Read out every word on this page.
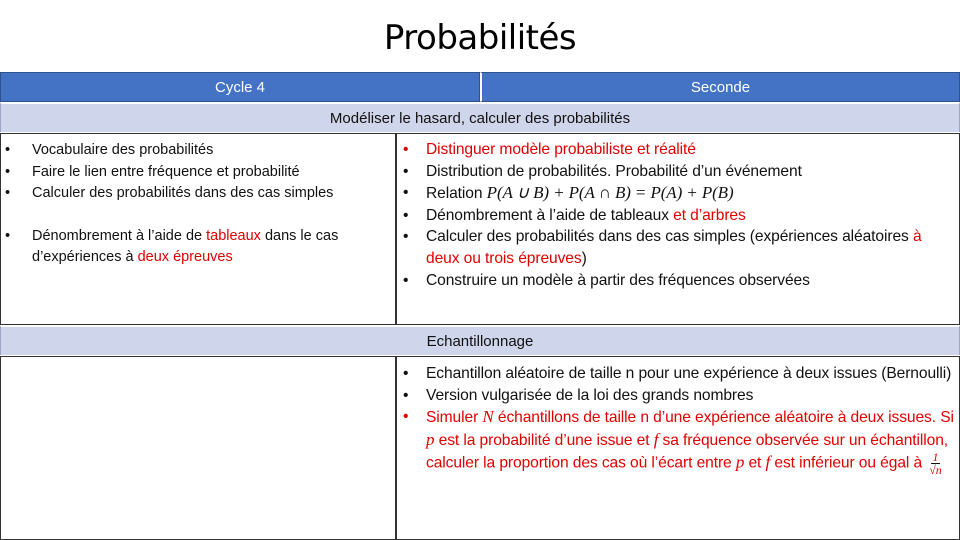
Probabilités
Cycle 4	Seconde
Modéliser le hasard, calculer des probabilités
• Vocabulaire des probabilités
• Faire le lien entre fréquence et probabilité
• Calculer des probabilités dans des cas simples
• Dénombrement à l’aide de tableaux dans le cas d’expériences à deux épreuves
• Distinguer modèle probabiliste et réalité
• Distribution de probabilités. Probabilité d’un événement
• Relation P(A ∪ B) + P(A ∩ B) = P(A) + P(B)
• Dénombrement à l’aide de tableaux et d’arbres
• Calculer des probabilités dans des cas simples (expériences aléatoires à deux ou trois épreuves)
• Construire un modèle à partir des fréquences observées
Echantillonnage
• Echantillon aléatoire de taille n pour une expérience à deux issues (Bernoulli)
• Version vulgarisée de la loi des grands nombres
• Simuler N échantillons de taille n d’une expérience aléatoire à deux issues. Si p est la probabilité d’une issue et f sa fréquence observée sur un échantillon, calculer la proportion des cas où l’écart entre p et f est inférieur ou égal à $\frac{1}{√n}$
